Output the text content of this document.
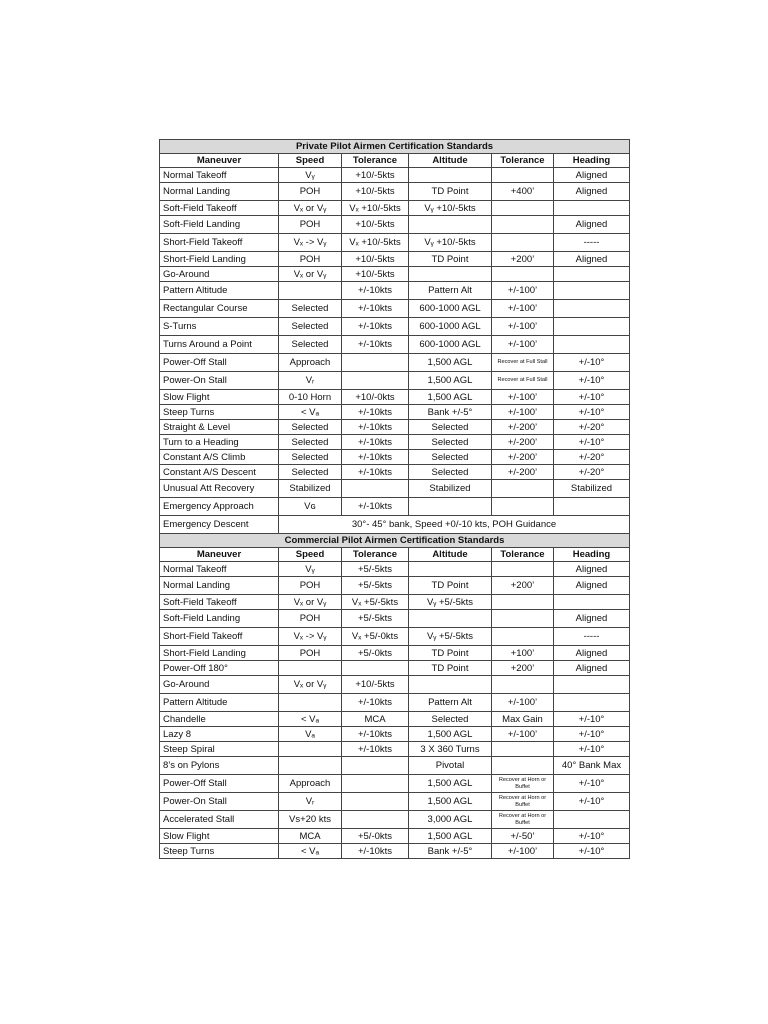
Private Pilot Airmen Certification Standards					
Maneuver	Speed	Tolerance	Altitude	Tolerance	Heading
Normal Takeoff	Vᵧ	+10/-5kts			Aligned
Normal Landing	POH	+10/-5kts	TD Point	+400’	Aligned
Soft-Field Takeoff	Vₓ or Vᵧ	Vₓ +10/-5kts	Vᵧ +10/-5kts		
Soft-Field Landing	POH	+10/-5kts			Aligned
Short-Field Takeoff	Vₓ -> Vᵧ	Vₓ +10/-5kts	Vᵧ +10/-5kts		-----
Short-Field Landing	POH	+10/-5kts	TD Point	+200’	Aligned
Go-Around	Vₓ or Vᵧ	+10/-5kts			
Pattern Altitude		+/-10kts	Pattern Alt	+/-100’	
Rectangular Course	Selected	+/-10kts	600-1000 AGL	+/-100’	
S-Turns	Selected	+/-10kts	600-1000 AGL	+/-100’	
Turns Around a Point	Selected	+/-10kts	600-1000 AGL	+/-100’	
Power-Off Stall	Approach		1,500 AGL	Recover at Full Stall	+/-10°
Power-On Stall	Vᵣ		1,500 AGL	Recover at Full Stall	+/-10°
Slow Flight	0-10 Horn	+10/-0kts	1,500 AGL	+/-100’	+/-10°
Steep Turns	< Vₐ	+/-10kts	Bank +/-5°	+/-100’	+/-10°
Straight & Level	Selected	+/-10kts	Selected	+/-200’	+/-20°
Turn to a Heading	Selected	+/-10kts	Selected	+/-200’	+/-10°
Constant A/S Climb	Selected	+/-10kts	Selected	+/-200’	+/-20°
Constant A/S Descent	Selected	+/-10kts	Selected	+/-200’	+/-20°
Unusual Att Recovery	Stabilized		Stabilized		Stabilized
Emergency Approach	Vɢ	+/-10kts			
Emergency Descent	30°- 45° bank, Speed +0/-10 kts, POH Guidance				
Commercial Pilot Airmen Certification Standards					
Maneuver	Speed	Tolerance	Altitude	Tolerance	Heading
Normal Takeoff	Vᵧ	+5/-5kts			Aligned
Normal Landing	POH	+5/-5kts	TD Point	+200’	Aligned
Soft-Field Takeoff	Vₓ or Vᵧ	Vₓ +5/-5kts	Vᵧ +5/-5kts		
Soft-Field Landing	POH	+5/-5kts			Aligned
Short-Field Takeoff	Vₓ -> Vᵧ	Vₓ +5/-0kts	Vᵧ +5/-5kts		-----
Short-Field Landing	POH	+5/-0kts	TD Point	+100’	Aligned
Power-Off 180°			TD Point	+200’	Aligned
Go-Around	Vₓ or Vᵧ	+10/-5kts			
Pattern Altitude		+/-10kts	Pattern Alt	+/-100’	
Chandelle	< Vₐ	MCA	Selected	Max Gain	+/-10°
Lazy 8	Vₐ	+/-10kts	1,500 AGL	+/-100’	+/-10°
Steep Spiral		+/-10kts	3 X 360 Turns		+/-10°
8’s on Pylons			Pivotal		40° Bank Max
Power-Off Stall	Approach		1,500 AGL	Recover at Horn or Buffet	+/-10°
Power-On Stall	Vᵣ		1,500 AGL	Recover at Horn or Buffet	+/-10°
Accelerated Stall	Vs+20 kts		3,000 AGL	Recover at Horn or Buffet	

Slow Flight	MCA	+5/-0kts	1,500 AGL	+/-50’	+/-10°
Steep Turns	< Vₐ	+/-10kts	Bank +/-5°	+/-100’	+/-10°
